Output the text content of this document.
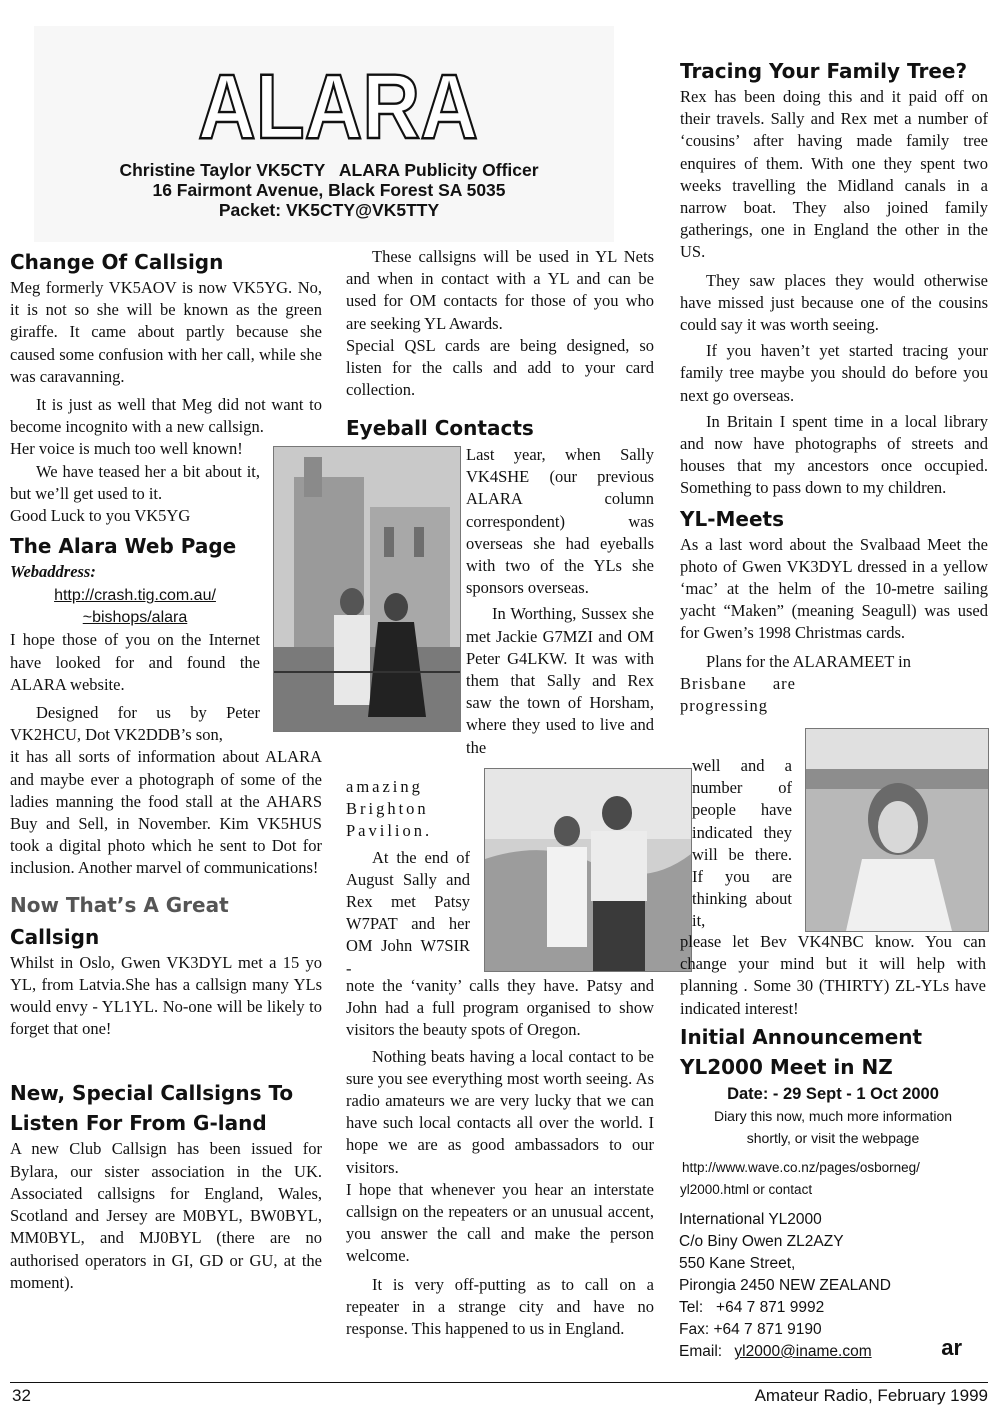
ALARA
Christine Taylor VK5CTY   ALARA Publicity Officer
16 Fairmont Avenue, Black Forest SA 5035
Packet: VK5CTY@VK5TTY
Change Of Callsign

Meg formerly VK5AOV is now VK5YG. No, it is not so she will be known as the green giraffe. It came about partly because she caused some confusion with her call, while she was caravanning.

It is just as well that Meg did not want to become incognito with a new callsign.

Her voice is much too well known!

We have teased her a bit about it, but we’ll get used to it.

Good Luck to you VK5YG

The Alara Web Page

Webaddress:

http://crash.tig.com.au/
~bishops/alara

I hope those of you on the Internet have looked for and found the ALARA website.

Designed for us by Peter VK2HCU, Dot VK2DDB’s son,

it has all sorts of information about ALARA and maybe ever a photograph of some of the ladies manning the food stall at the AHARS Buy and Sell, in November. Kim VK5HUS took a digital photo which he sent to Dot for inclusion. Another marvel of communications!

Now That’s A Great
Callsign

Whilst in Oslo, Gwen VK3DYL met a 15 yo YL, from Latvia.She has a callsign many YLs would envy - YL1YL. No-one will be likely to forget that one!

New, Special Callsigns To
Listen For From G-land

A new Club Callsign has been issued for Bylara, our sister association in the UK. Associated callsigns for England, Wales, Scotland and Jersey are M0BYL, BW0BYL, MM0BYL, and MJ0BYL (there are no authorised operators in GI, GD or GU, at the moment).

These callsigns will be used in YL Nets and when in contact with a YL and can be used for OM contacts for those of you who are seeking YL Awards.

Special QSL cards are being designed, so listen for the calls and add to your card collection.

Eyeball Contacts

Last year, when Sally VK4SHE (our previous ALARA column correspondent) was overseas she had eyeballs with two of the YLs she sponsors overseas.

In Worthing, Sussex she met Jackie G7MZI and OM Peter G4LKW. It was with them that Sally and Rex saw the town of Horsham, where they used to live and the

amazing Brighton Pavilion.

At the end of August Sally and Rex met Patsy W7PAT and her OM John W7SIR -

note the ‘vanity’ calls they have. Patsy and John had a full program organised to show visitors the beauty spots of Oregon.

Nothing beats having a local contact to be sure you see everything most worth seeing. As radio amateurs we are very lucky that we can have such local contacts all over the world. I hope we are as good ambassadors to our visitors.

I hope that whenever you hear an interstate callsign on the repeaters or an unusual accent, you answer the call and make the person welcome.

It is very off-putting as to call on a repeater in a strange city and have no response. This happened to us in England.

Tracing Your Family Tree?

Rex has been doing this and it paid off on their travels. Sally and Rex met a number of ‘cousins’ after having made family tree enquires of them. With one they spent two weeks travelling the Midland canals in a narrow boat. They also joined family gatherings, one in England the other in the US.

They saw places they would otherwise have missed just because one of the cousins could say it was worth seeing.

If you haven’t yet started tracing your family tree maybe you should do before you next go overseas.

In Britain I spent time in a local library and now have photographs of streets and houses that my ancestors once occupied. Something to pass down to my children.

YL-Meets

As a last word about the Svalbaad Meet the photo of Gwen VK3DYL dressed in a yellow ‘mac’ at the helm of the 10-metre sailing yacht “Maken” (meaning Seagull) was used for Gwen’s 1998 Christmas cards.

Plans for the ALARAMEET in

Brisbane are progressing

well and a number of people have indicated they will be there. If you are thinking about it,

please let Bev VK4NBC know. You can change your mind but it will help with planning . Some 30 (THIRTY) ZL-YLs have indicated interest!

Initial Announcement
YL2000 Meet in NZ
Date: - 29 Sept - 1 Oct 2000
Diary this now, much more information
shortly, or visit the webpage
http://www.wave.co.nz/pages/osborneg/
yl2000.html or contact
International YL2000
C/o Biny Owen ZL2AZY
550 Kane Street,
Pirongia 2450 NEW ZEALAND
Tel:   +64 7 871 9992
Fax: +64 7 871 9190
Email: yl2000@iname.com	ar
32	Amateur Radio, February 1999
